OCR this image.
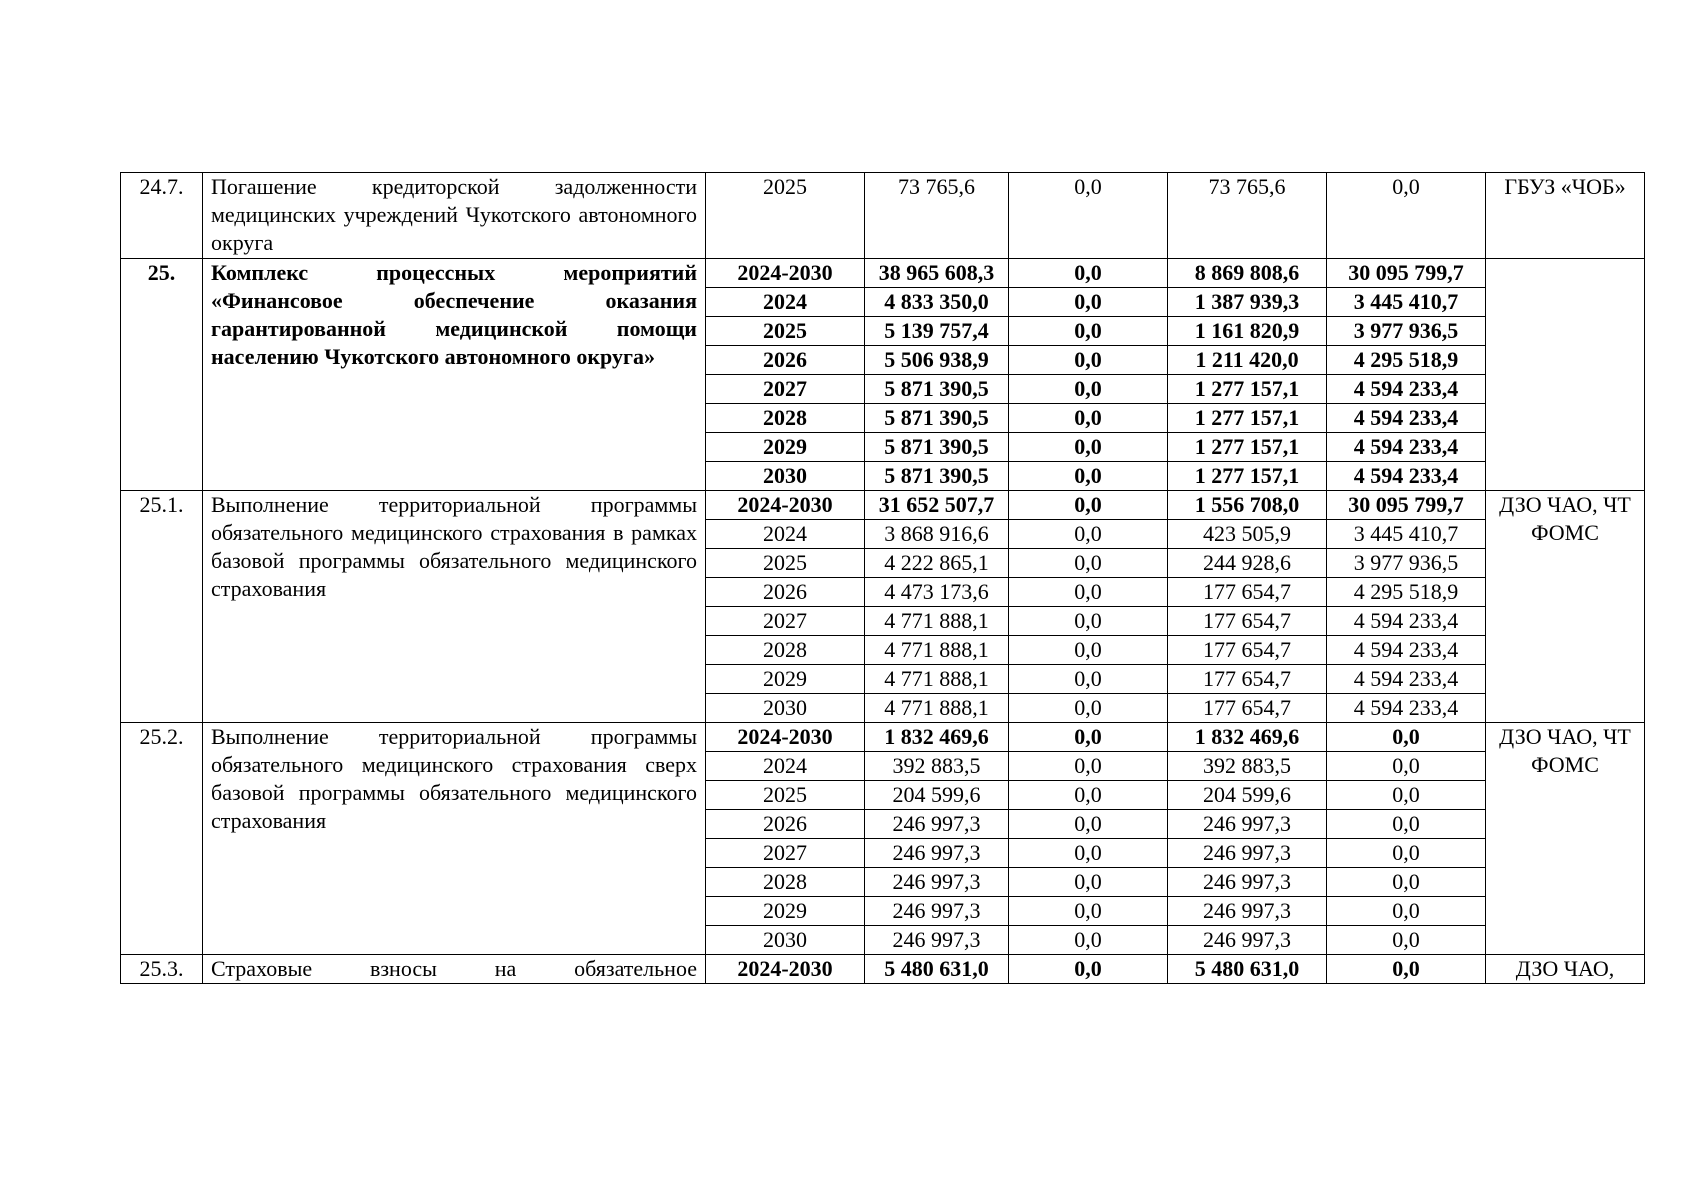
24.7.	Погашение кредиторской задолженности медицинских учреждений Чукотского автономного округа	2025	73 765,6	0,0	73 765,6	0,0	ГБУЗ «ЧОБ»
25.	Комплекс процессных мероприятий «Финансовое обеспечение оказания гарантированной медицинской помощи населению Чукотского автономного округа»	2024-2030	38 965 608,3	0,0	8 869 808,6	30 095 799,7	
		2024	4 833 350,0	0,0	1 387 939,3	3 445 410,7	
		2025	5 139 757,4	0,0	1 161 820,9	3 977 936,5	
		2026	5 506 938,9	0,0	1 211 420,0	4 295 518,9	
		2027	5 871 390,5	0,0	1 277 157,1	4 594 233,4	
		2028	5 871 390,5	0,0	1 277 157,1	4 594 233,4	
		2029	5 871 390,5	0,0	1 277 157,1	4 594 233,4	
		2030	5 871 390,5	0,0	1 277 157,1	4 594 233,4	
25.1.	Выполнение территориальной программы обязательного медицинского страхования в рамках базовой программы обязательного медицинского страхования	2024-2030	31 652 507,7	0,0	1 556 708,0	30 095 799,7	ДЗО ЧАО, ЧТ ФОМС
		2024	3 868 916,6	0,0	423 505,9	3 445 410,7	
		2025	4 222 865,1	0,0	244 928,6	3 977 936,5	
		2026	4 473 173,6	0,0	177 654,7	4 295 518,9	
		2027	4 771 888,1	0,0	177 654,7	4 594 233,4	
		2028	4 771 888,1	0,0	177 654,7	4 594 233,4	
		2029	4 771 888,1	0,0	177 654,7	4 594 233,4	
		2030	4 771 888,1	0,0	177 654,7	4 594 233,4	
25.2.	Выполнение территориальной программы обязательного медицинского страхования сверх базовой программы обязательного медицинского страхования	2024-2030	1 832 469,6	0,0	1 832 469,6	0,0	ДЗО ЧАО, ЧТ ФОМС
		2024	392 883,5	0,0	392 883,5	0,0	
		2025	204 599,6	0,0	204 599,6	0,0	
		2026	246 997,3	0,0	246 997,3	0,0	
		2027	246 997,3	0,0	246 997,3	0,0	
		2028	246 997,3	0,0	246 997,3	0,0	
		2029	246 997,3	0,0	246 997,3	0,0	
		2030	246 997,3	0,0	246 997,3	0,0	
25.3.	Страховые взносы на обязательное	2024-2030	5 480 631,0	0,0	5 480 631,0	0,0	ДЗО ЧАО,
